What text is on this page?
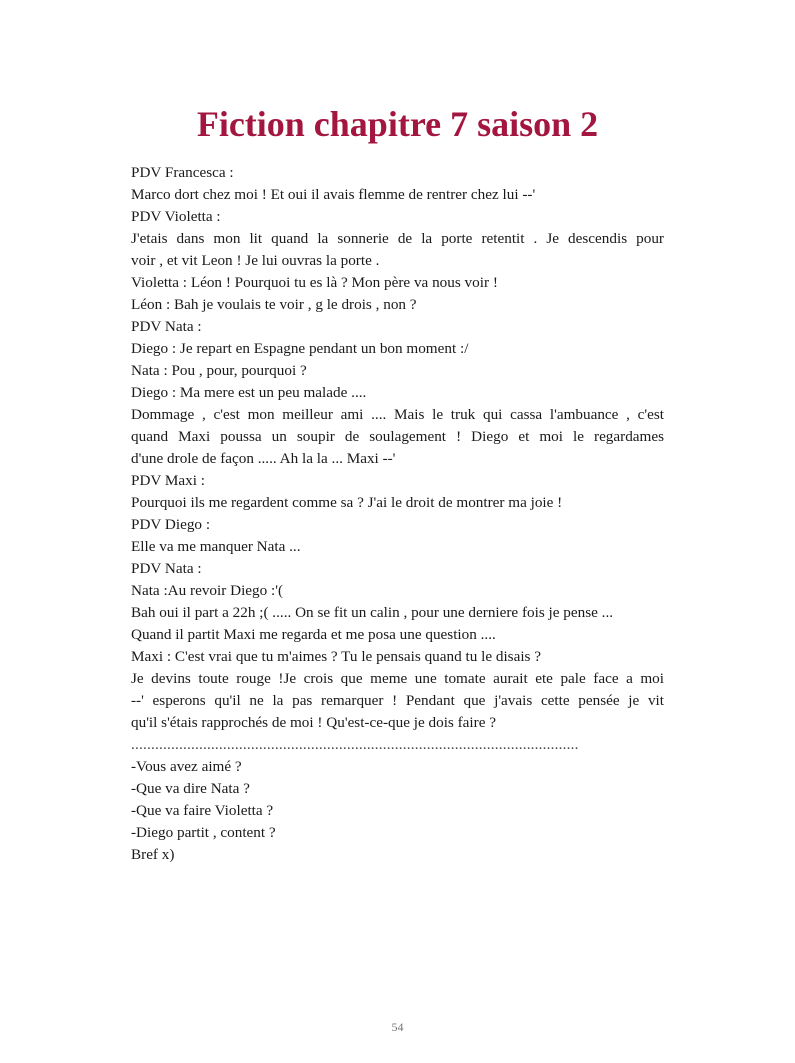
Fiction chapitre 7 saison 2
PDV Francesca :
Marco dort chez moi ! Et oui il avais flemme de rentrer chez lui --'
PDV Violetta :
J'etais dans mon lit quand la sonnerie de la porte retentit . Je descendis pour
voir , et vit Leon ! Je lui ouvras la porte .
Violetta : Léon ! Pourquoi tu es là ? Mon père va nous voir !
Léon : Bah je voulais te voir , g le drois , non ?
PDV Nata :
Diego : Je repart en Espagne pendant un bon moment :/
Nata : Pou , pour, pourquoi ?
Diego : Ma mere est un peu malade ....
Dommage , c'est mon meilleur ami .... Mais le truk qui cassa l'ambuance , c'est
quand Maxi poussa un soupir de soulagement ! Diego et moi le regardames
d'une drole de façon ..... Ah la la ... Maxi --'
PDV Maxi :
Pourquoi ils me regardent comme sa ? J'ai le droit de montrer ma joie !
PDV Diego :
Elle va me manquer Nata ...
PDV Nata :
Nata :Au revoir Diego :'(
Bah oui il part a 22h ;( ..... On se fit un calin , pour une derniere fois je pense ...
Quand il partit Maxi me regarda et me posa une question ....
Maxi : C'est vrai que tu m'aimes ? Tu le pensais quand tu le disais ?
Je devins toute rouge !Je crois que meme une tomate aurait ete pale face a moi
--' esperons qu'il ne la pas remarquer ! Pendant que j'avais cette pensée je vit
qu'il s'étais rapprochés de moi ! Qu'est-ce-que je dois faire ?
................................................................................................................
-Vous avez aimé ?
-Que va dire Nata ?
-Que va faire Violetta ?
-Diego partit , content ?
Bref x)
54
